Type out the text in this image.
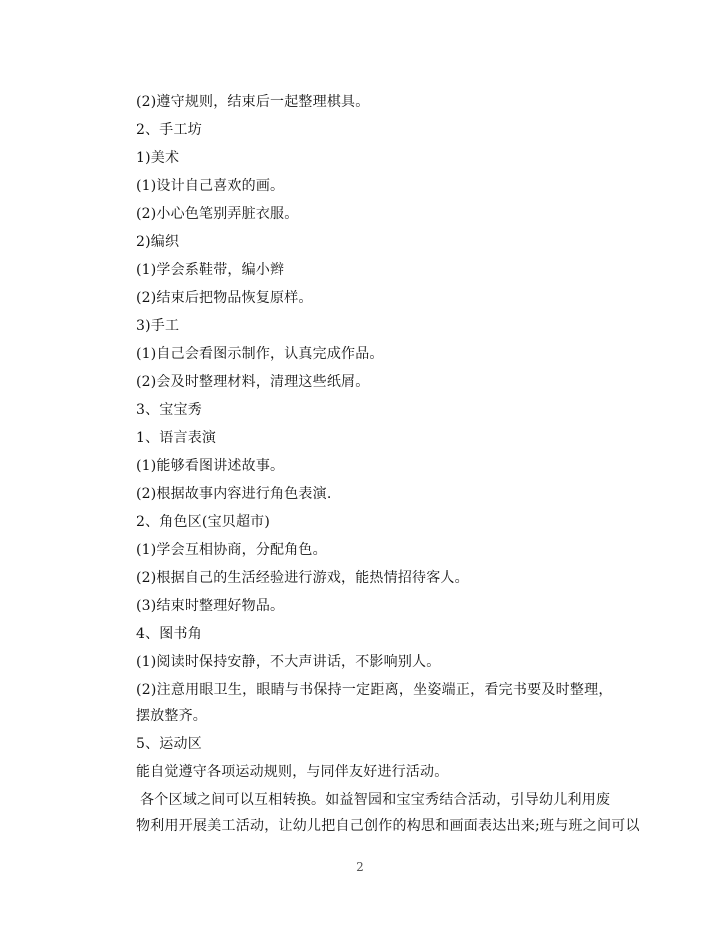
(2)遵守规则，结束后一起整理棋具。
2、手工坊
1)美术
(1)设计自己喜欢的画。
(2)小心色笔别弄脏衣服。
2)编织
(1)学会系鞋带，编小辫
(2)结束后把物品恢复原样。
3)手工
(1)自己会看图示制作，认真完成作品。
(2)会及时整理材料，清理这些纸屑。
3、宝宝秀
1、语言表演
(1)能够看图讲述故事。
(2)根据故事内容进行角色表演.
2、角色区(宝贝超市)
(1)学会互相协商，分配角色。
(2)根据自己的生活经验进行游戏，能热情招待客人。
(3)结束时整理好物品。
4、图书角
(1)阅读时保持安静，不大声讲话，不影响别人。
(2)注意用眼卫生，眼睛与书保持一定距离，坐姿端正，看完书要及时整理，
摆放整齐。
5、运动区
能自觉遵守各项运动规则，与同伴友好进行活动。
各个区域之间可以互相转换。如益智园和宝宝秀结合活动，引导幼儿利用废
物利用开展美工活动，让幼儿把自己创作的构思和画面表达出来;班与班之间可以
2
